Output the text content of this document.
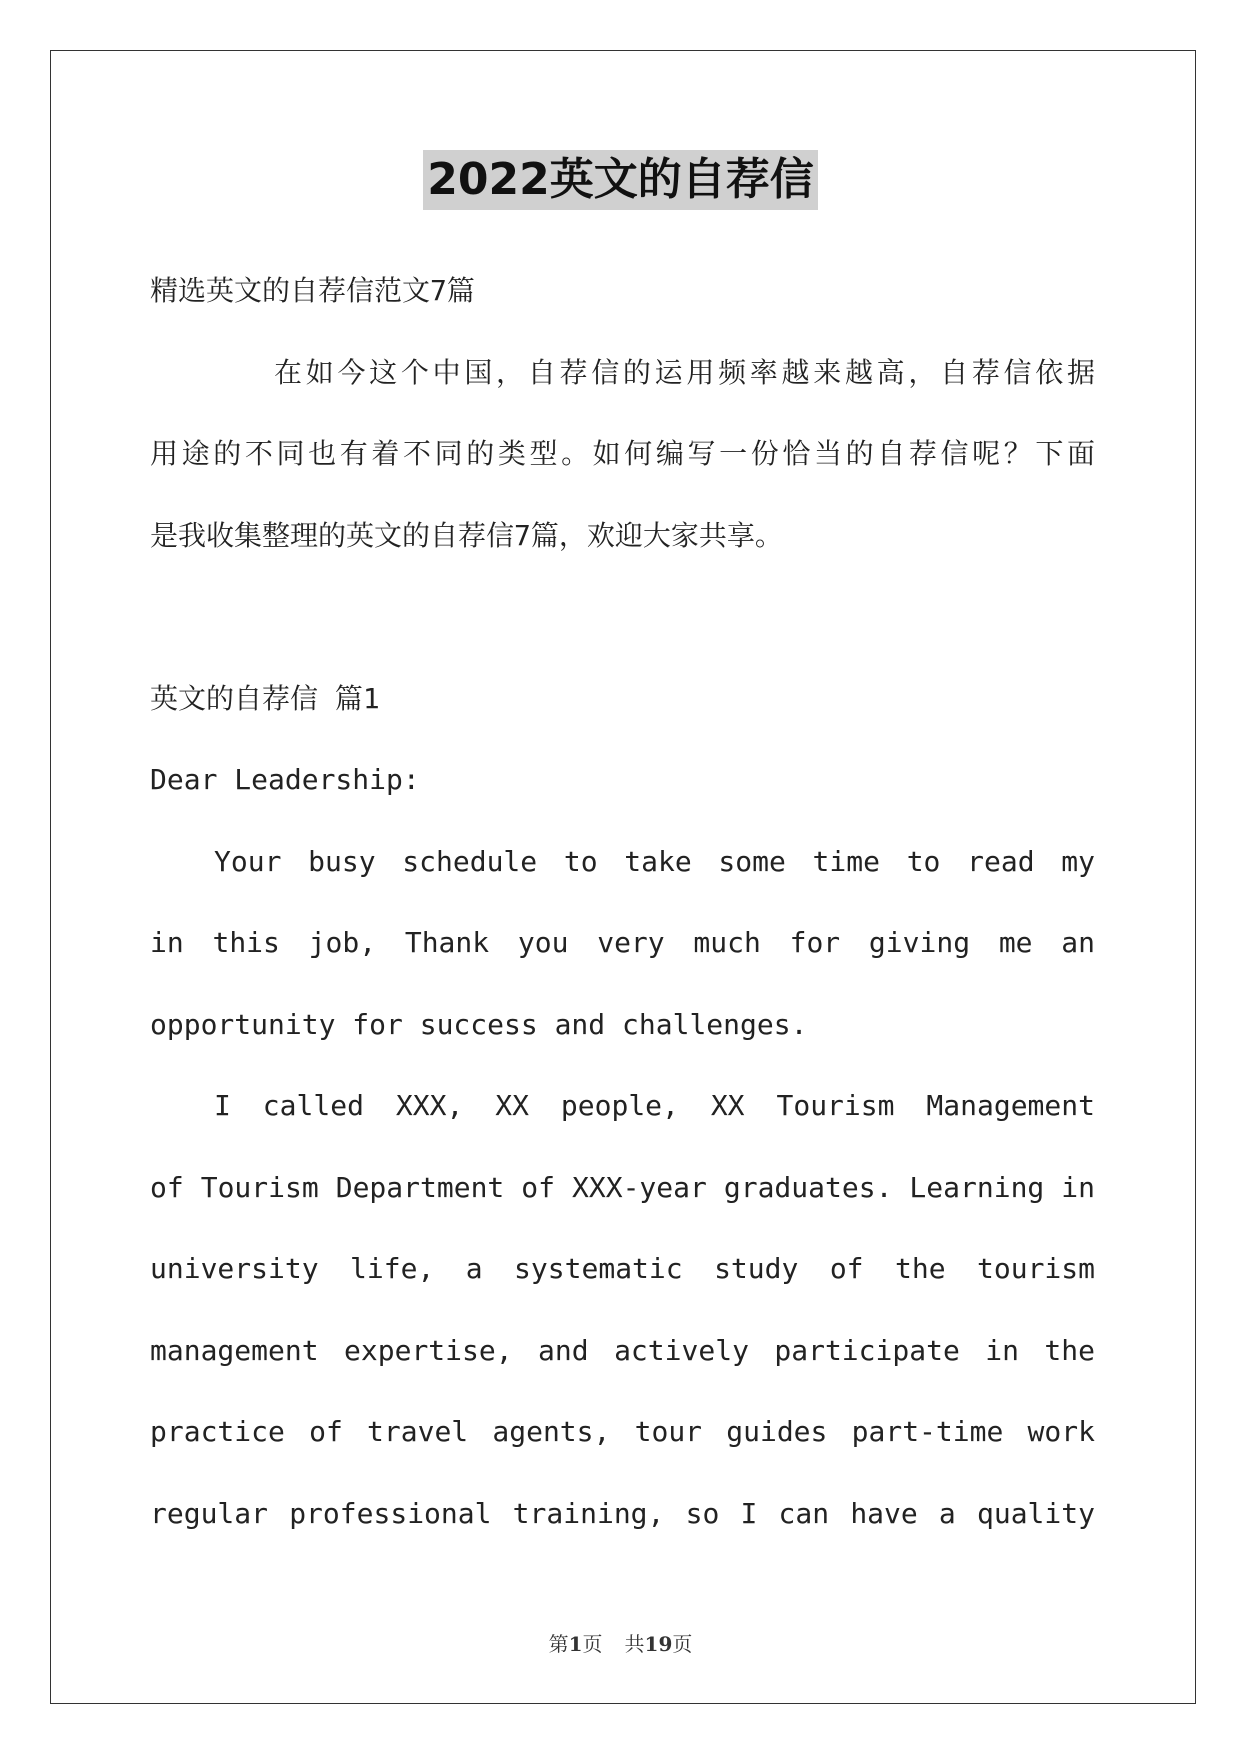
2022英文的自荐信
精选英文的自荐信范文7篇
在如今这个中国，自荐信的运用频率越来越高，自荐信依据
用途的不同也有着不同的类型。如何编写一份恰当的自荐信呢？下面
是我收集整理的英文的自荐信7篇，欢迎大家共享。
英文的自荐信 篇1
Dear Leadership:
Your busy schedule to take some time to read my
in this job, Thank you very much for giving me an
opportunity for success and challenges.
I called XXX, XX people, XX Tourism Management
of Tourism Department of XXX-year graduates. Learning in
university life, a systematic study of the tourism
management expertise, and actively participate in the
practice of travel agents, tour guides part-time work
regular professional training, so I can have a quality
第1页 共19页
